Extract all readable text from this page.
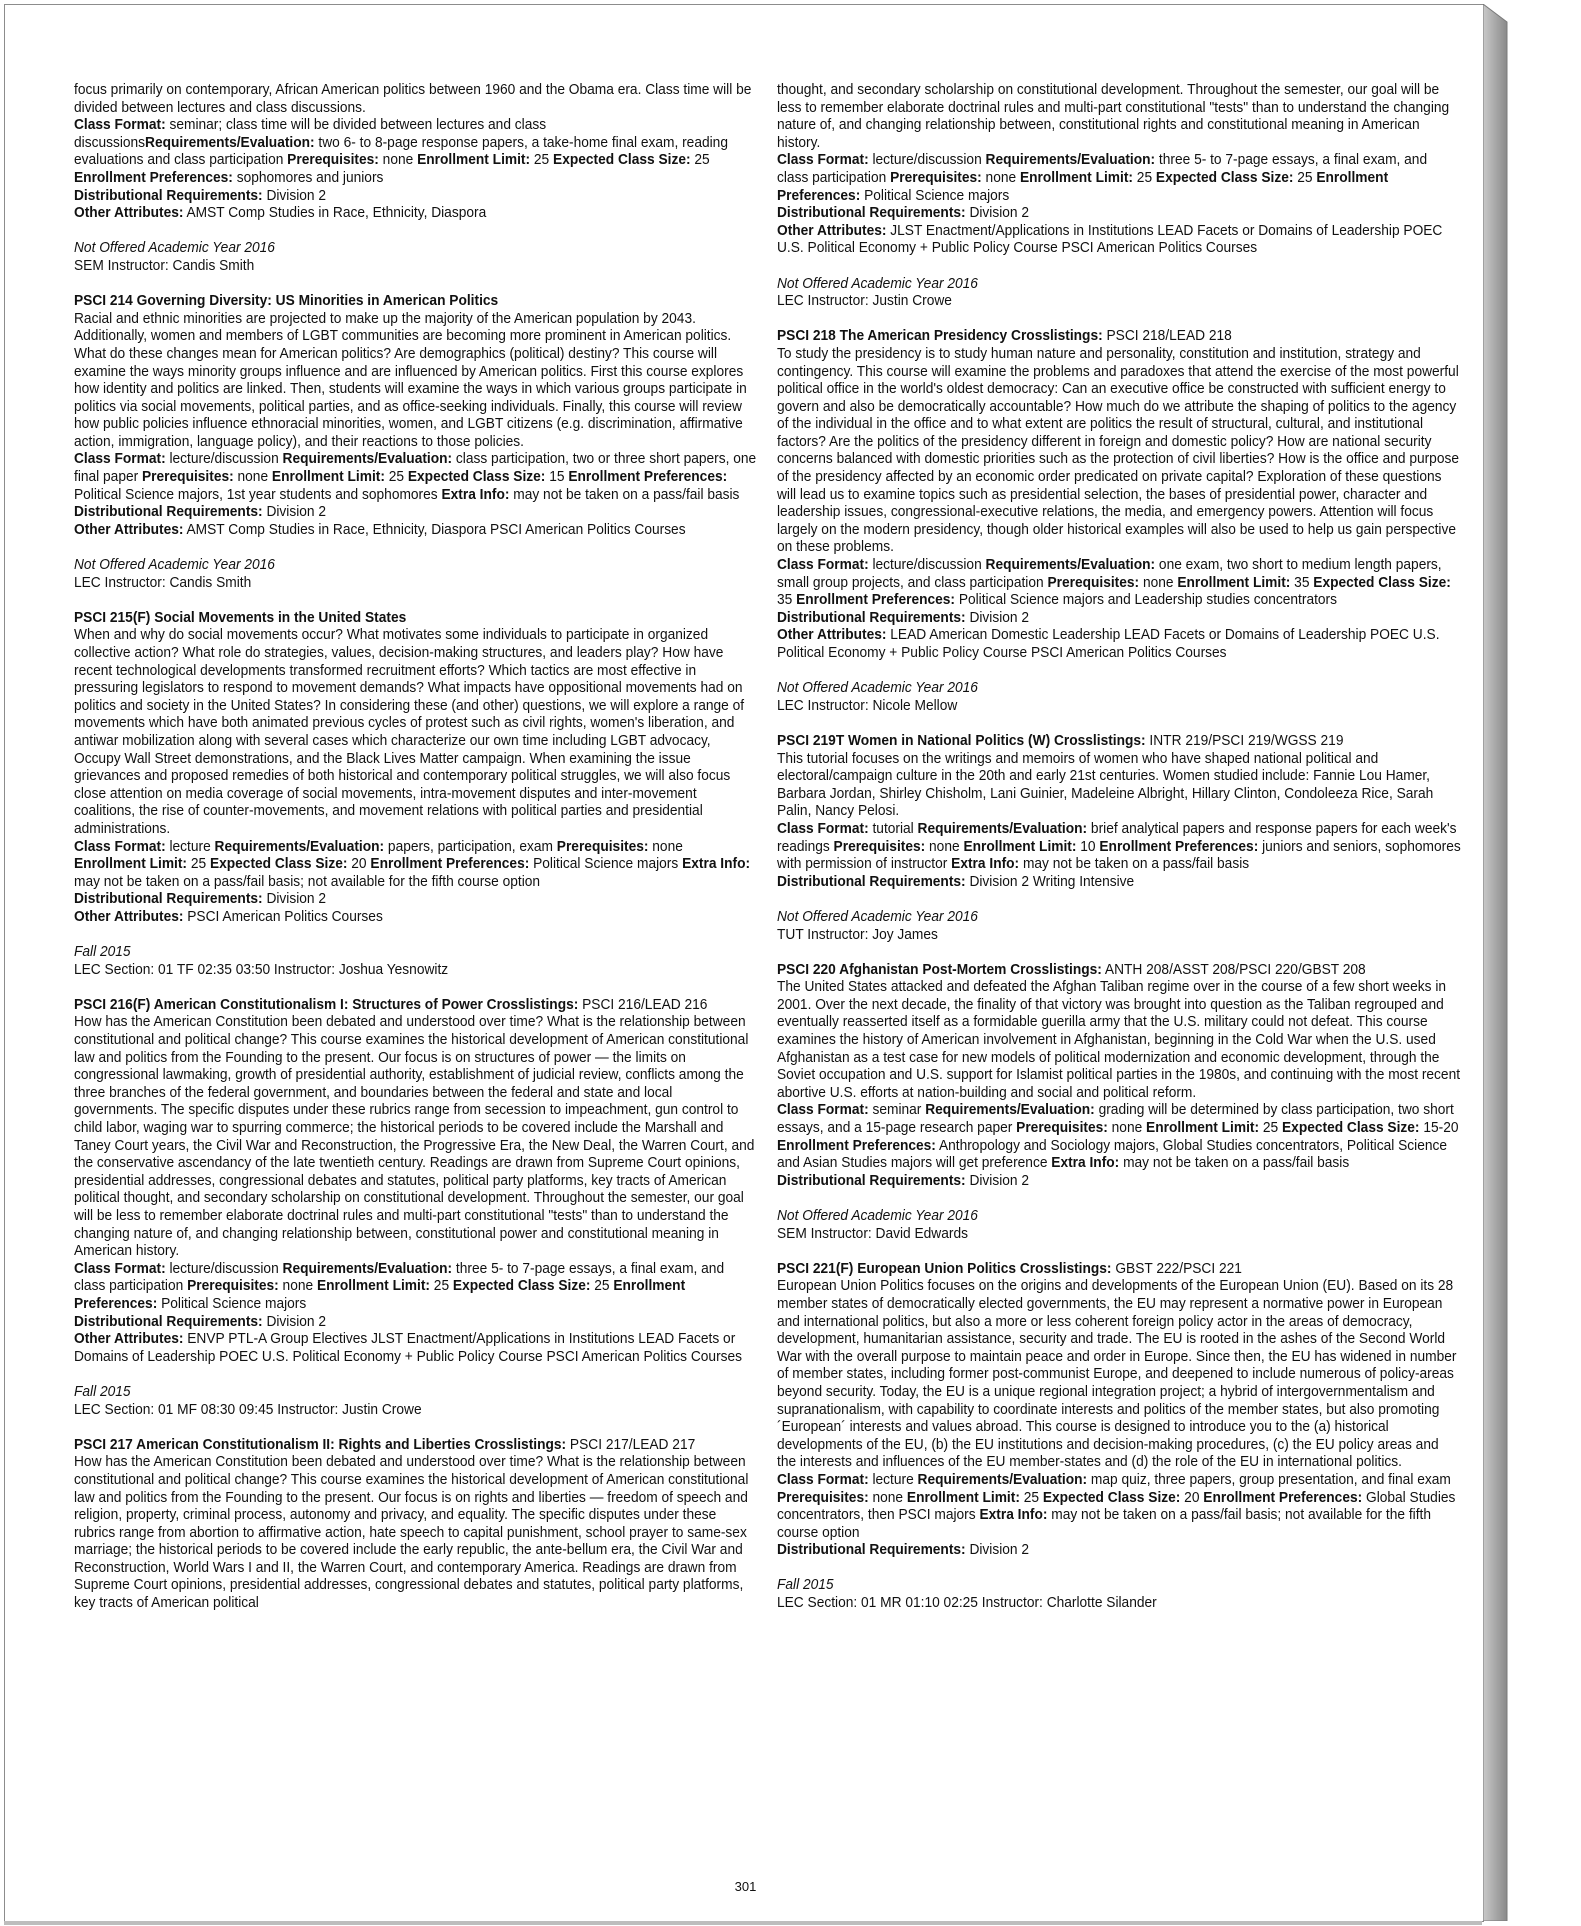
focus primarily on contemporary, African American politics between 1960 and the Obama era. Class time will be divided between lectures and class discussions.

Class Format: seminar; class time will be divided between lectures and class discussionsRequirements/Evaluation: two 6- to 8-page response papers, a take-home final exam, reading evaluations and class participation Prerequisites: none Enrollment Limit: 25 Expected Class Size: 25 Enrollment Preferences: sophomores and juniors

Distributional Requirements: Division 2

Other Attributes: AMST Comp Studies in Race, Ethnicity, Diaspora

Not Offered Academic Year 2016

SEM Instructor: Candis Smith

PSCI 214 Governing Diversity: US Minorities in American Politics

Racial and ethnic minorities are projected to make up the majority of the American population by 2043. Additionally, women and members of LGBT communities are becoming more prominent in American politics. What do these changes mean for American politics? Are demographics (political) destiny? This course will examine the ways minority groups influence and are influenced by American politics. First this course explores how identity and politics are linked. Then, students will examine the ways in which various groups participate in politics via social movements, political parties, and as office-seeking individuals. Finally, this course will review how public policies influence ethnoracial minorities, women, and LGBT citizens (e.g. discrimination, affirmative action, immigration, language policy), and their reactions to those policies.

Class Format: lecture/discussion Requirements/Evaluation: class participation, two or three short papers, one final paper Prerequisites: none Enrollment Limit: 25 Expected Class Size: 15 Enrollment Preferences: Political Science majors, 1st year students and sophomores Extra Info: may not be taken on a pass/fail basis

Distributional Requirements: Division 2

Other Attributes: AMST Comp Studies in Race, Ethnicity, Diaspora PSCI American Politics Courses

Not Offered Academic Year 2016

LEC Instructor: Candis Smith

PSCI 215(F) Social Movements in the United States

When and why do social movements occur? What motivates some individuals to participate in organized collective action? What role do strategies, values, decision-making structures, and leaders play? How have recent technological developments transformed recruitment efforts? Which tactics are most effective in pressuring legislators to respond to movement demands? What impacts have oppositional movements had on politics and society in the United States? In considering these (and other) questions, we will explore a range of movements which have both animated previous cycles of protest such as civil rights, women's liberation, and antiwar mobilization along with several cases which characterize our own time including LGBT advocacy, Occupy Wall Street demonstrations, and the Black Lives Matter campaign. When examining the issue grievances and proposed remedies of both historical and contemporary political struggles, we will also focus close attention on media coverage of social movements, intra-movement disputes and inter-movement coalitions, the rise of counter-movements, and movement relations with political parties and presidential administrations.

Class Format: lecture Requirements/Evaluation: papers, participation, exam Prerequisites: none Enrollment Limit: 25 Expected Class Size: 20 Enrollment Preferences: Political Science majors Extra Info: may not be taken on a pass/fail basis; not available for the fifth course option

Distributional Requirements: Division 2

Other Attributes: PSCI American Politics Courses

Fall 2015

LEC Section: 01 TF 02:35 03:50 Instructor: Joshua Yesnowitz

PSCI 216(F) American Constitutionalism I: Structures of Power Crosslistings: PSCI 216/LEAD 216

How has the American Constitution been debated and understood over time? What is the relationship between constitutional and political change? This course examines the historical development of American constitutional law and politics from the Founding to the present. Our focus is on structures of power — the limits on congressional lawmaking, growth of presidential authority, establishment of judicial review, conflicts among the three branches of the federal government, and boundaries between the federal and state and local governments. The specific disputes under these rubrics range from secession to impeachment, gun control to child labor, waging war to spurring commerce; the historical periods to be covered include the Marshall and Taney Court years, the Civil War and Reconstruction, the Progressive Era, the New Deal, the Warren Court, and the conservative ascendancy of the late twentieth century. Readings are drawn from Supreme Court opinions, presidential addresses, congressional debates and statutes, political party platforms, key tracts of American political thought, and secondary scholarship on constitutional development. Throughout the semester, our goal will be less to remember elaborate doctrinal rules and multi-part constitutional "tests" than to understand the changing nature of, and changing relationship between, constitutional power and constitutional meaning in American history.

Class Format: lecture/discussion Requirements/Evaluation: three 5- to 7-page essays, a final exam, and class participation Prerequisites: none Enrollment Limit: 25 Expected Class Size: 25 Enrollment Preferences: Political Science majors

Distributional Requirements: Division 2

Other Attributes: ENVP PTL-A Group Electives JLST Enactment/Applications in Institutions LEAD Facets or Domains of Leadership POEC U.S. Political Economy + Public Policy Course PSCI American Politics Courses

Fall 2015

LEC Section: 01 MF 08:30 09:45 Instructor: Justin Crowe

PSCI 217 American Constitutionalism II: Rights and Liberties Crosslistings: PSCI 217/LEAD 217

How has the American Constitution been debated and understood over time? What is the relationship between constitutional and political change? This course examines the historical development of American constitutional law and politics from the Founding to the present. Our focus is on rights and liberties — freedom of speech and religion, property, criminal process, autonomy and privacy, and equality. The specific disputes under these rubrics range from abortion to affirmative action, hate speech to capital punishment, school prayer to same-sex marriage; the historical periods to be covered include the early republic, the ante-bellum era, the Civil War and Reconstruction, World Wars I and II, the Warren Court, and contemporary America. Readings are drawn from Supreme Court opinions, presidential addresses, congressional debates and statutes, political party platforms, key tracts of American political

thought, and secondary scholarship on constitutional development. Throughout the semester, our goal will be less to remember elaborate doctrinal rules and multi-part constitutional "tests" than to understand the changing nature of, and changing relationship between, constitutional rights and constitutional meaning in American history.

Class Format: lecture/discussion Requirements/Evaluation: three 5- to 7-page essays, a final exam, and class participation Prerequisites: none Enrollment Limit: 25 Expected Class Size: 25 Enrollment Preferences: Political Science majors

Distributional Requirements: Division 2

Other Attributes: JLST Enactment/Applications in Institutions LEAD Facets or Domains of Leadership POEC U.S. Political Economy + Public Policy Course PSCI American Politics Courses

Not Offered Academic Year 2016

LEC Instructor: Justin Crowe

PSCI 218 The American Presidency Crosslistings: PSCI 218/LEAD 218

To study the presidency is to study human nature and personality, constitution and institution, strategy and contingency. This course will examine the problems and paradoxes that attend the exercise of the most powerful political office in the world's oldest democracy: Can an executive office be constructed with sufficient energy to govern and also be democratically accountable? How much do we attribute the shaping of politics to the agency of the individual in the office and to what extent are politics the result of structural, cultural, and institutional factors? Are the politics of the presidency different in foreign and domestic policy? How are national security concerns balanced with domestic priorities such as the protection of civil liberties? How is the office and purpose of the presidency affected by an economic order predicated on private capital? Exploration of these questions will lead us to examine topics such as presidential selection, the bases of presidential power, character and leadership issues, congressional-executive relations, the media, and emergency powers. Attention will focus largely on the modern presidency, though older historical examples will also be used to help us gain perspective on these problems.

Class Format: lecture/discussion Requirements/Evaluation: one exam, two short to medium length papers, small group projects, and class participation Prerequisites: none Enrollment Limit: 35 Expected Class Size: 35 Enrollment Preferences: Political Science majors and Leadership studies concentrators

Distributional Requirements: Division 2

Other Attributes: LEAD American Domestic Leadership LEAD Facets or Domains of Leadership POEC U.S. Political Economy + Public Policy Course PSCI American Politics Courses

Not Offered Academic Year 2016

LEC Instructor: Nicole Mellow

PSCI 219T Women in National Politics (W) Crosslistings: INTR 219/PSCI 219/WGSS 219

This tutorial focuses on the writings and memoirs of women who have shaped national political and electoral/campaign culture in the 20th and early 21st centuries. Women studied include: Fannie Lou Hamer, Barbara Jordan, Shirley Chisholm, Lani Guinier, Madeleine Albright, Hillary Clinton, Condoleeza Rice, Sarah Palin, Nancy Pelosi.

Class Format: tutorial Requirements/Evaluation: brief analytical papers and response papers for each week's readings Prerequisites: none Enrollment Limit: 10 Enrollment Preferences: juniors and seniors, sophomores with permission of instructor Extra Info: may not be taken on a pass/fail basis

Distributional Requirements: Division 2 Writing Intensive

Not Offered Academic Year 2016

TUT Instructor: Joy James

PSCI 220 Afghanistan Post-Mortem Crosslistings: ANTH 208/ASST 208/PSCI 220/GBST 208

The United States attacked and defeated the Afghan Taliban regime over in the course of a few short weeks in 2001. Over the next decade, the finality of that victory was brought into question as the Taliban regrouped and eventually reasserted itself as a formidable guerilla army that the U.S. military could not defeat. This course examines the history of American involvement in Afghanistan, beginning in the Cold War when the U.S. used Afghanistan as a test case for new models of political modernization and economic development, through the Soviet occupation and U.S. support for Islamist political parties in the 1980s, and continuing with the most recent abortive U.S. efforts at nation-building and social and political reform.

Class Format: seminar Requirements/Evaluation: grading will be determined by class participation, two short essays, and a 15-page research paper Prerequisites: none Enrollment Limit: 25 Expected Class Size: 15-20 Enrollment Preferences: Anthropology and Sociology majors, Global Studies concentrators, Political Science and Asian Studies majors will get preference Extra Info: may not be taken on a pass/fail basis

Distributional Requirements: Division 2

Not Offered Academic Year 2016

SEM Instructor: David Edwards

PSCI 221(F) European Union Politics Crosslistings: GBST 222/PSCI 221

European Union Politics focuses on the origins and developments of the European Union (EU). Based on its 28 member states of democratically elected governments, the EU may represent a normative power in European and international politics, but also a more or less coherent foreign policy actor in the areas of democracy, development, humanitarian assistance, security and trade. The EU is rooted in the ashes of the Second World War with the overall purpose to maintain peace and order in Europe. Since then, the EU has widened in number of member states, including former post-communist Europe, and deepened to include numerous of policy-areas beyond security. Today, the EU is a unique regional integration project; a hybrid of intergovernmentalism and supranationalism, with capability to coordinate interests and politics of the member states, but also promoting ´European´ interests and values abroad. This course is designed to introduce you to the (a) historical developments of the EU, (b) the EU institutions and decision-making procedures, (c) the EU policy areas and the interests and influences of the EU member-states and (d) the role of the EU in international politics.

Class Format: lecture Requirements/Evaluation: map quiz, three papers, group presentation, and final exam Prerequisites: none Enrollment Limit: 25 Expected Class Size: 20 Enrollment Preferences: Global Studies concentrators, then PSCI majors Extra Info: may not be taken on a pass/fail basis; not available for the fifth course option

Distributional Requirements: Division 2

Fall 2015

LEC Section: 01 MR 01:10 02:25 Instructor: Charlotte Silander

301
